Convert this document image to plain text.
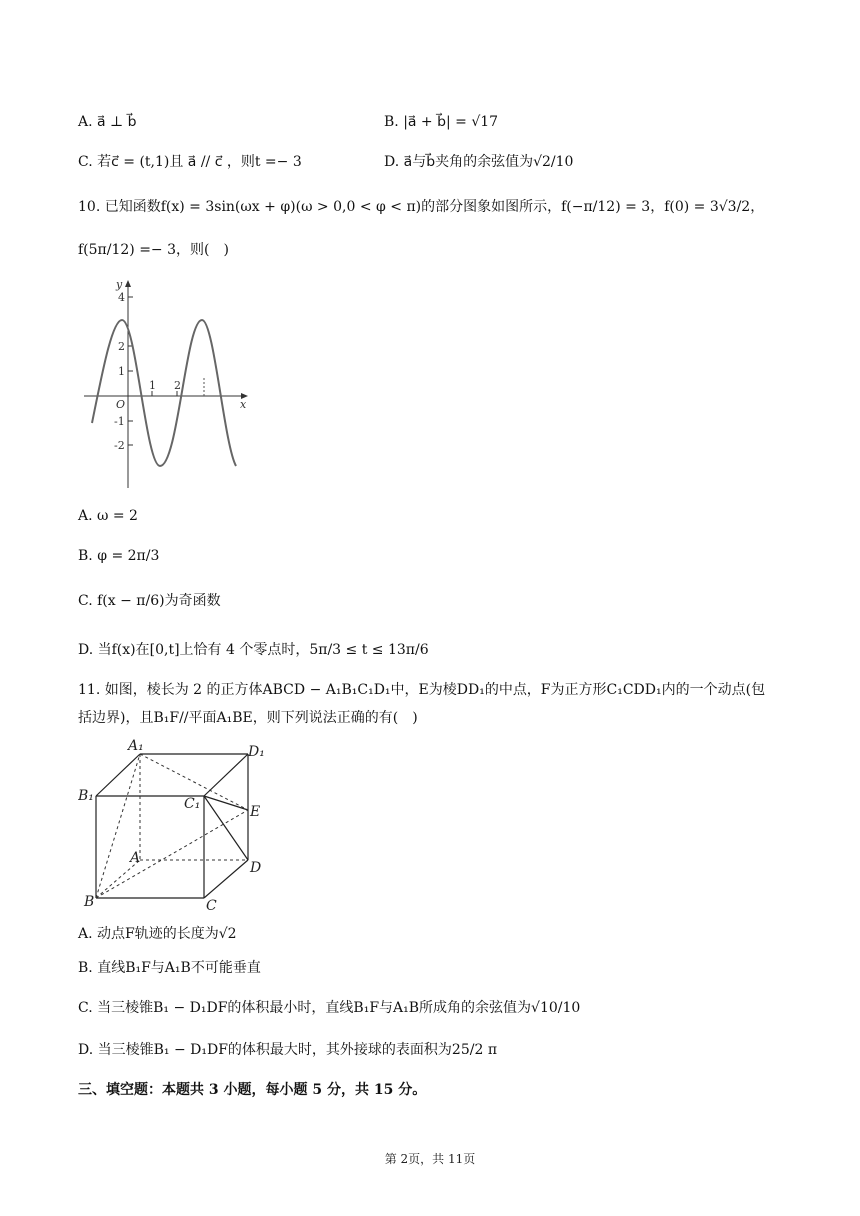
A. a⃗ ⊥ b⃗	B. |a⃗ + b⃗| = √17
C. 若c⃗ = (t,1)且 a⃗ // c⃗ ，则t =− 3	D. a⃗与b⃗夹角的余弦值为√2/10
10. 已知函数f(x) = 3sin(ωx + φ)(ω > 0,0 < φ < π)的部分图象如图所示，f(−π/12) = 3，f(0) = 3√3/2，
f(5π/12) =− 3，则(　)
y
x
O
4
2
1
-1
-2
1 2
A. ω = 2
B. φ = 2π/3
C. f(x − π/6)为奇函数
D. 当f(x)在[0,t]上恰有 4 个零点时，5π/3 ≤ t ≤ 13π/6
11. 如图，棱长为 2 的正方体ABCD − A₁B₁C₁D₁中，E为棱DD₁的中点，F为正方形C₁CDD₁内的一个动点(包
括边界)，且B₁F//平面A₁BE，则下列说法正确的有(　)
A₁	D₁
B₁	C₁	E
A
D
B	C
A. 动点F轨迹的长度为√2
B. 直线B₁F与A₁B不可能垂直
C. 当三棱锥B₁ − D₁DF的体积最小时，直线B₁F与A₁B所成角的余弦值为√10/10
D. 当三棱锥B₁ − D₁DF的体积最大时，其外接球的表面积为25/2 π
三、填空题：本题共 3 小题，每小题 5 分，共 15 分。
第 2页，共 11页
